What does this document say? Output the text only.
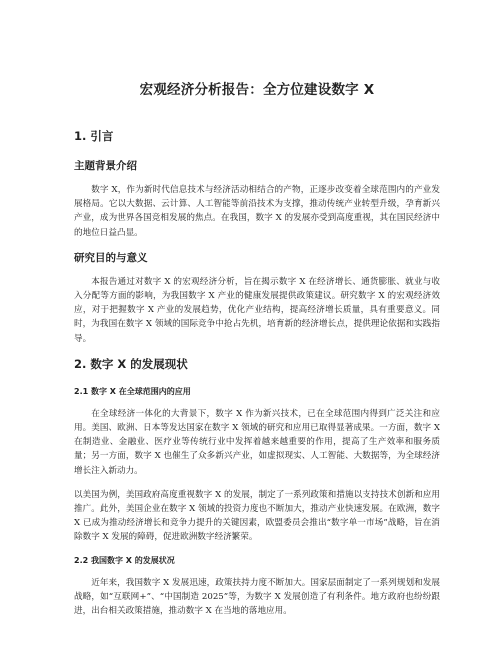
宏观经济分析报告：全方位建设数字 X
1. 引言
主题背景介绍

数字 X，作为新时代信息技术与经济活动相结合的产物，正逐步改变着全球范围内的产业发展格局。它以大数据、云计算、人工智能等前沿技术为支撑，推动传统产业转型升级，孕育新兴产业，成为世界各国竞相发展的焦点。在我国，数字 X 的发展亦受到高度重视，其在国民经济中的地位日益凸显。

研究目的与意义

本报告通过对数字 X 的宏观经济分析，旨在揭示数字 X 在经济增长、通货膨胀、就业与收入分配等方面的影响，为我国数字 X 产业的健康发展提供政策建议。研究数字 X 的宏观经济效应，对于把握数字 X 产业的发展趋势，优化产业结构，提高经济增长质量，具有重要意义。同时，为我国在数字 X 领域的国际竞争中抢占先机，培育新的经济增长点，提供理论依据和实践指导。

2. 数字 X 的发展现状
2.1 数字 X 在全球范围内的应用

在全球经济一体化的大背景下，数字 X 作为新兴技术，已在全球范围内得到广泛关注和应用。美国、欧洲、日本等发达国家在数字 X 领域的研究和应用已取得显著成果。一方面，数字 X 在制造业、金融业、医疗业等传统行业中发挥着越来越重要的作用，提高了生产效率和服务质量；另一方面，数字 X 也催生了众多新兴产业，如虚拟现实、人工智能、大数据等，为全球经济增长注入新动力。

以美国为例，美国政府高度重视数字 X 的发展，制定了一系列政策和措施以支持技术创新和应用推广。此外，美国企业在数字 X 领域的投资力度也不断加大，推动产业快速发展。在欧洲，数字 X 已成为推动经济增长和竞争力提升的关键因素，欧盟委员会推出“数字单一市场”战略，旨在消除数字 X 发展的障碍，促进欧洲数字经济繁荣。

2.2 我国数字 X 的发展状况

近年来，我国数字 X 发展迅速，政策扶持力度不断加大。国家层面制定了一系列规划和发展战略，如“互联网+”、“中国制造 2025”等，为数字 X 发展创造了有利条件。地方政府也纷纷跟进，出台相关政策措施，推动数字 X 在当地的落地应用。
